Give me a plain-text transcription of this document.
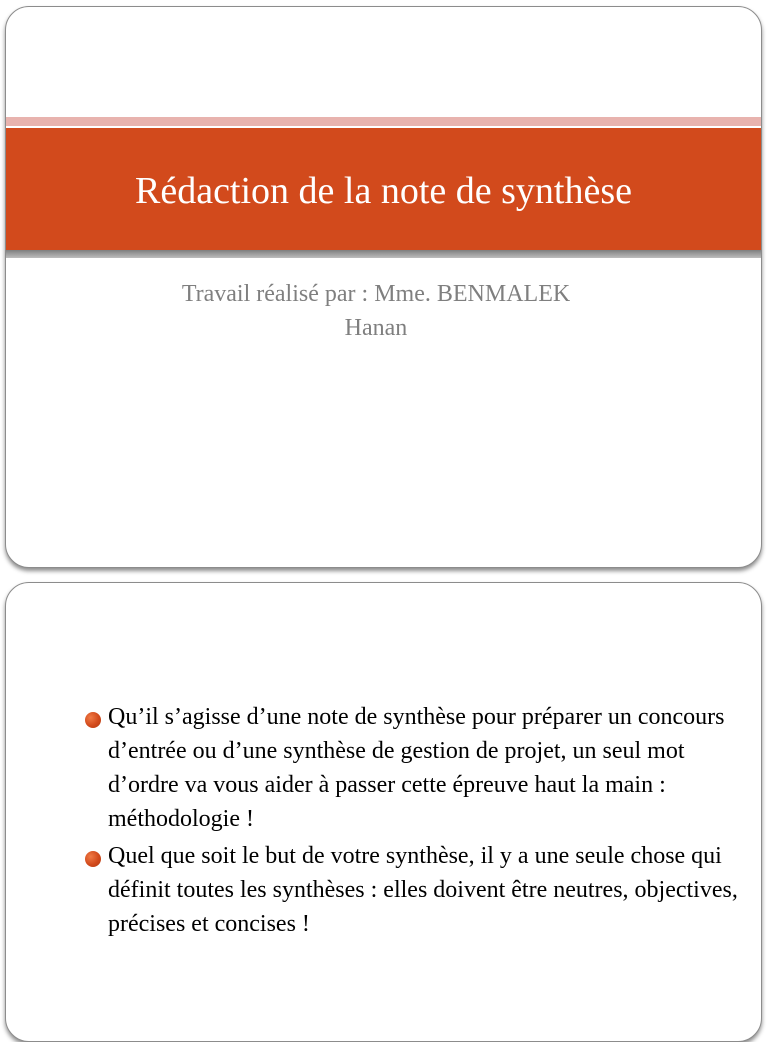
Rédaction de la note de synthèse
Travail réalisé par : Mme. BENMALEK
Hanan
Qu’il s’agisse d’une note de synthèse pour préparer un concours d’entrée ou d’une synthèse de gestion de projet, un seul mot d’ordre va vous aider à passer cette épreuve haut la main : méthodologie !
Quel que soit le but de votre synthèse, il y a une seule chose qui définit toutes les synthèses : elles doivent être neutres, objectives, précises et concises !
